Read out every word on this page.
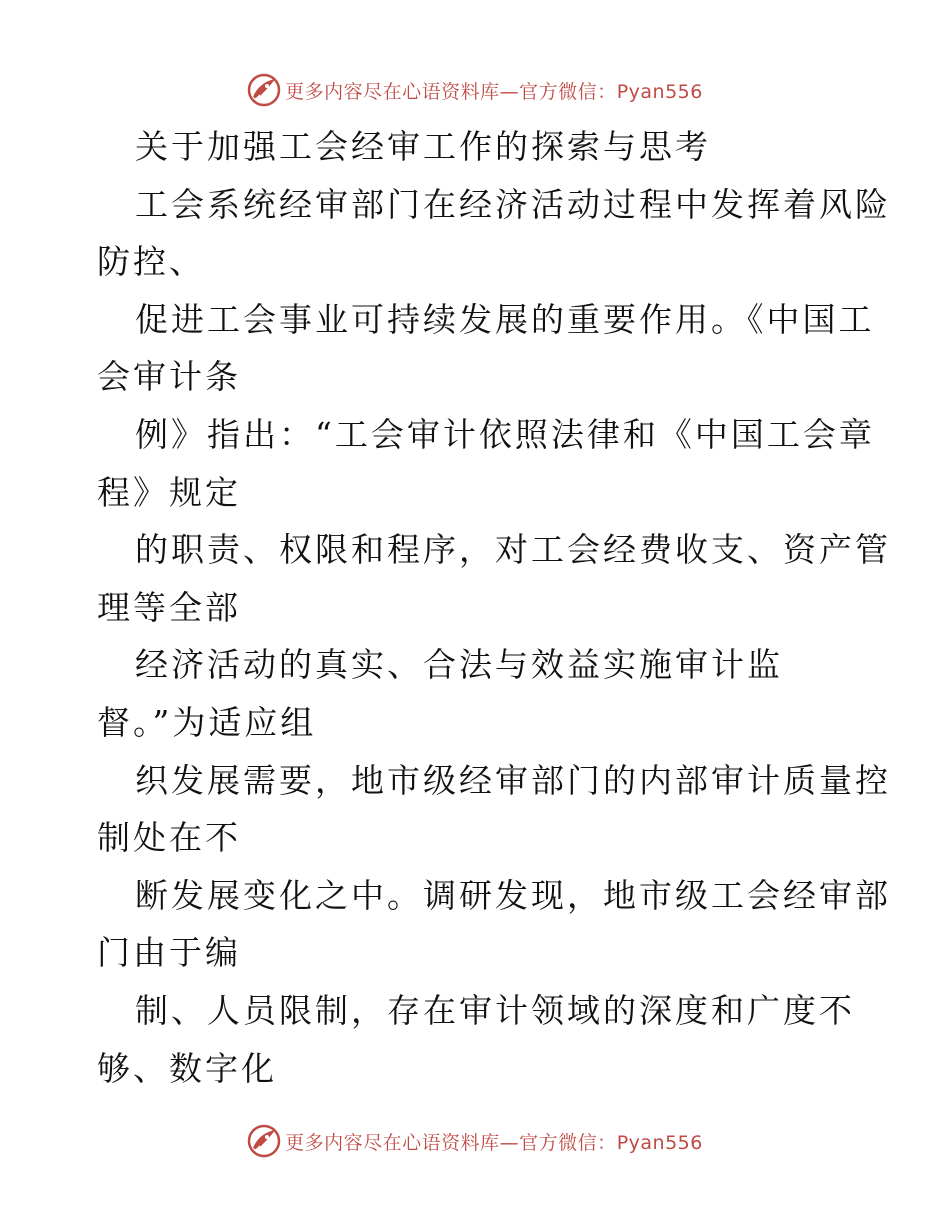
更多内容尽在心语资料库—官方微信：Pyan556
关于加强工会经审工作的探索与思考
工会系统经审部门在经济活动过程中发挥着风险
防控、
促进工会事业可持续发展的重要作用。《中国工
会审计条
例》指出：“工会审计依照法律和《中国工会章
程》规定
的职责、权限和程序，对工会经费收支、资产管
理等全部
经济活动的真实、合法与效益实施审计监
督。”为适应组
织发展需要，地市级经审部门的内部审计质量控
制处在不
断发展变化之中。调研发现，地市级工会经审部
门由于编
制、人员限制，存在审计领域的深度和广度不
够、数字化
更多内容尽在心语资料库—官方微信：Pyan556
